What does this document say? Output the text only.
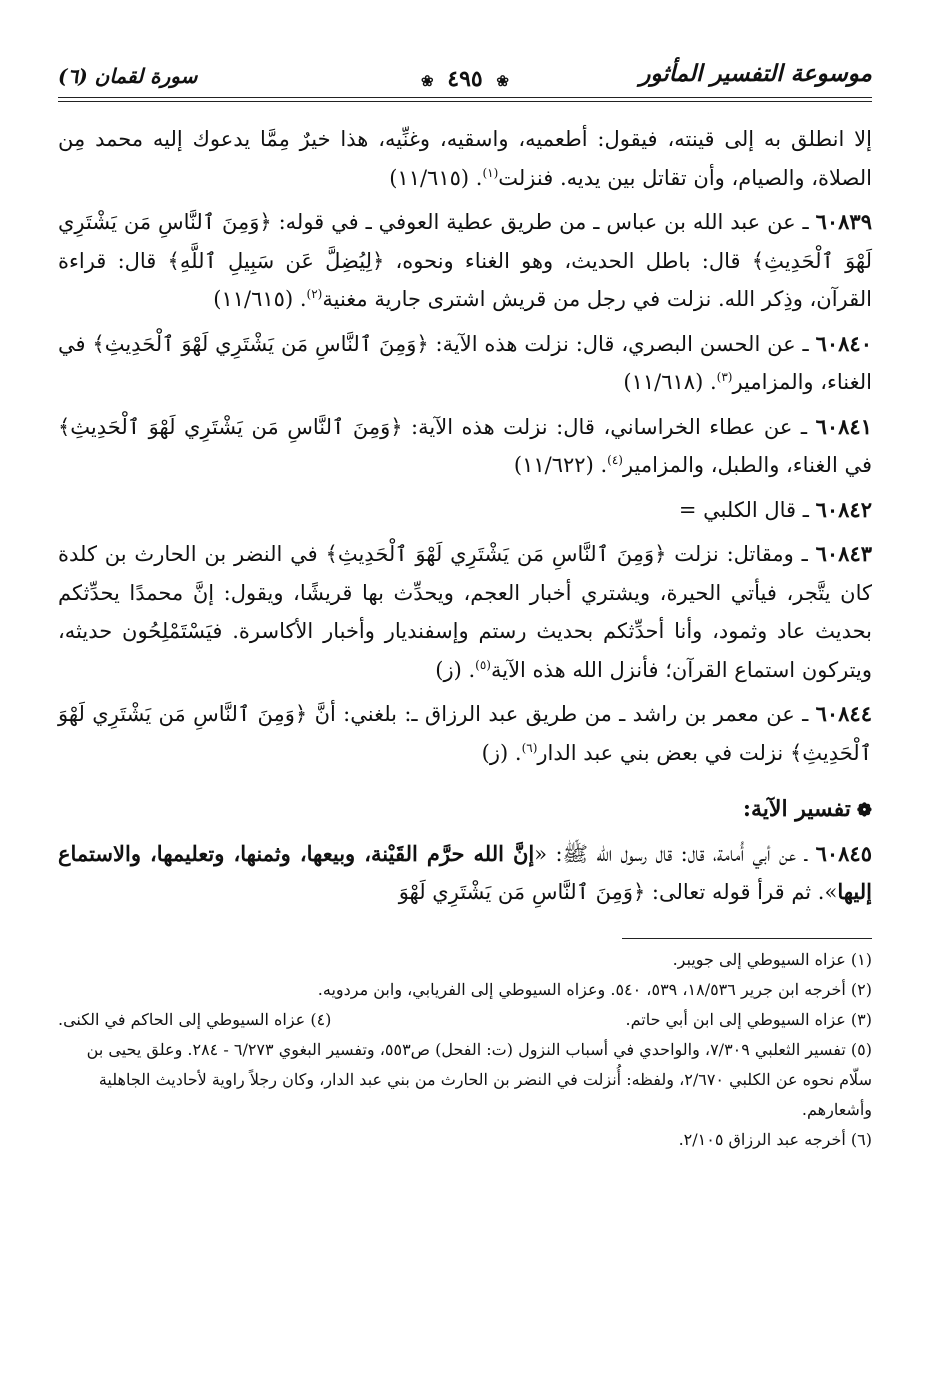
موسوعة التفسير المأثور
❀ ٤٩٥ ❀
سورة لقمان (٦)

إلا انطلق به إلى قينته، فيقول: أطعميه، واسقيه، وغنِّيه، هذا خيرٌ مِمَّا يدعوك إليه محمد مِن الصلاة، والصيام، وأن تقاتل بين يديه. فنزلت$^{(١)}$. (١١/٦١٥)

٦٠٨٣٩ ـ عن عبد الله بن عباس ـ من طريق عطية العوفي ـ في قوله: ﴿وَمِنَ ٱلنَّاسِ مَن يَشْتَرِي لَهْوَ ٱلْحَدِيثِ﴾ قال: باطل الحديث، وهو الغناء ونحوه، ﴿لِيُضِلَّ عَن سَبِيلِ ٱللَّهِ﴾ قال: قراءة القرآن، وذِكر الله. نزلت في رجل من قريش اشترى جارية مغنية$^{(٢)}$. (١١/٦١٥)

٦٠٨٤٠ ـ عن الحسن البصري، قال: نزلت هذه الآية: ﴿وَمِنَ ٱلنَّاسِ مَن يَشْتَرِي لَهْوَ ٱلْحَدِيثِ﴾ في الغناء، والمزامير$^{(٣)}$. (١١/٦١٨)

٦٠٨٤١ ـ عن عطاء الخراساني، قال: نزلت هذه الآية: ﴿وَمِنَ ٱلنَّاسِ مَن يَشْتَرِي لَهْوَ ٱلْحَدِيثِ﴾ في الغناء، والطبل، والمزامير$^{(٤)}$. (١١/٦٢٢)

٦٠٨٤٢ ـ قال الكلبي =

٦٠٨٤٣ ـ ومقاتل: نزلت ﴿وَمِنَ ٱلنَّاسِ مَن يَشْتَرِي لَهْوَ ٱلْحَدِيثِ﴾ في النضر بن الحارث بن كلدة كان يتَّجر، فيأتي الحيرة، ويشتري أخبار العجم، ويحدِّث بها قريشًا، ويقول: إنَّ محمدًا يحدِّثكم بحديث عاد وثمود، وأنا أحدِّثكم بحديث رستم وإسفنديار وأخبار الأكاسرة. فيَسْتَمْلِحُون حديثه، ويتركون استماع القرآن؛ فأنزل الله هذه الآية$^{(٥)}$. (ز)

٦٠٨٤٤ ـ عن معمر بن راشد ـ من طريق عبد الرزاق ـ: بلغني: أنَّ ﴿وَمِنَ ٱلنَّاسِ مَن يَشْتَرِي لَهْوَ ٱلْحَدِيثِ﴾ نزلت في بعض بني عبد الدار$^{(٦)}$. (ز)

❁تفسير الآية:

٦٠٨٤٥ ـ عن أبي أُمامة، قال: قال رسول الله ﷺ: «إنَّ الله حرَّم القَيْنة، وبيعها، وثمنها، وتعليمها، والاستماع إليها». ثم قرأ قوله تعالى: ﴿وَمِنَ ٱلنَّاسِ مَن يَشْتَرِي لَهْوَ

(١) عزاه السيوطي إلى جويبر.

(٢) أخرجه ابن جرير ١٨/٥٣٦، ٥٣٩، ٥٤٠. وعزاه السيوطي إلى الفريابي، وابن مردويه.

(٣) عزاه السيوطي إلى ابن أبي حاتم.
(٤) عزاه السيوطي إلى الحاكم في الكنى.

(٥) تفسير الثعلبي ٧/٣٠٩، والواحدي في أسباب النزول (ت: الفحل) ص٥٥٣، وتفسير البغوي ٦/٢٧٣ - ٢٨٤. وعلق يحيى بن سلّام نحوه عن الكلبي ٢/٦٧٠، ولفظه: أُنزلت في النضر بن الحارث من بني عبد الدار، وكان رجلاً راوية لأحاديث الجاهلية وأشعارهم.

(٦) أخرجه عبد الرزاق ٢/١٠٥.
